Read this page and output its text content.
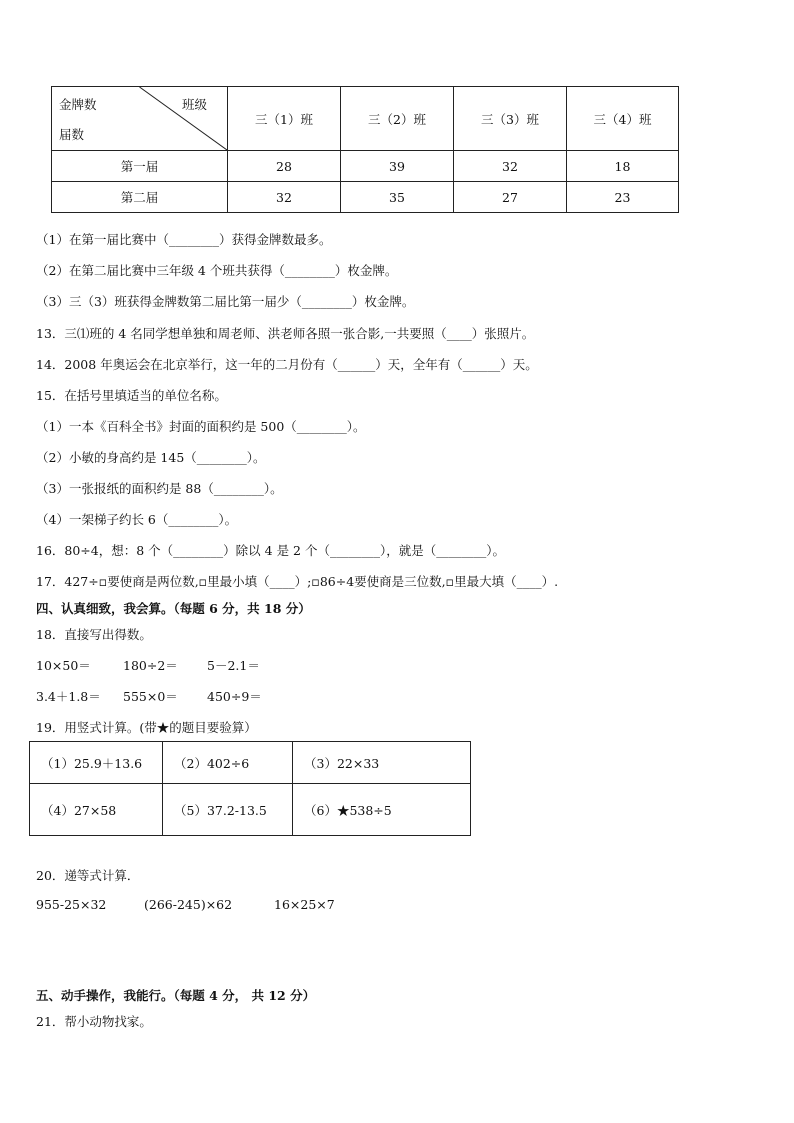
金牌数 班级
届数	三（1）班	三（2）班	三（3）班	三（4）班
第一届	28	39	32	18
第二届	32	35	27	23
（1）在第一届比赛中（________）获得金牌数最多。
（2）在第二届比赛中三年级 4 个班共获得（________）枚金牌。
（3）三（3）班获得金牌数第二届比第一届少（________）枚金牌。
13．三⑴班的 4 名同学想单独和周老师、洪老师各照一张合影,一共要照（____）张照片。
14．2008 年奥运会在北京举行，这一年的二月份有（______）天，全年有（______）天。
15．在括号里填适当的单位名称。
（1）一本《百科全书》封面的面积约是 500（________）。
（2）小敏的身高约是 145（________）。
（3）一张报纸的面积约是 88（________）。
（4）一架梯子约长 6（________）。
16．80÷4，想：8 个（________）除以 4 是 2 个（________），就是（________）。
17．427÷▫要使商是两位数,▫里最小填（____）;▫86÷4要使商是三位数,▫里最大填（____）.
四、认真细致，我会算。（每题 6 分，共 18 分）
18．直接写出得数。
10×50＝	180÷2＝ 5－2.1＝
3.4＋1.8＝ 555×0＝ 450÷9＝
19．用竖式计算。(带★的题目要验算）
（1）25.9＋13.6	（2）402÷6	（3）22×33
（4）27×58	（5）37.2-13.5	（6）★538÷5
20．递等式计算．
955-25×32	(266-245)×62	16×25×7
五、动手操作，我能行。（每题 4 分， 共 12 分）
21．帮小动物找家。
